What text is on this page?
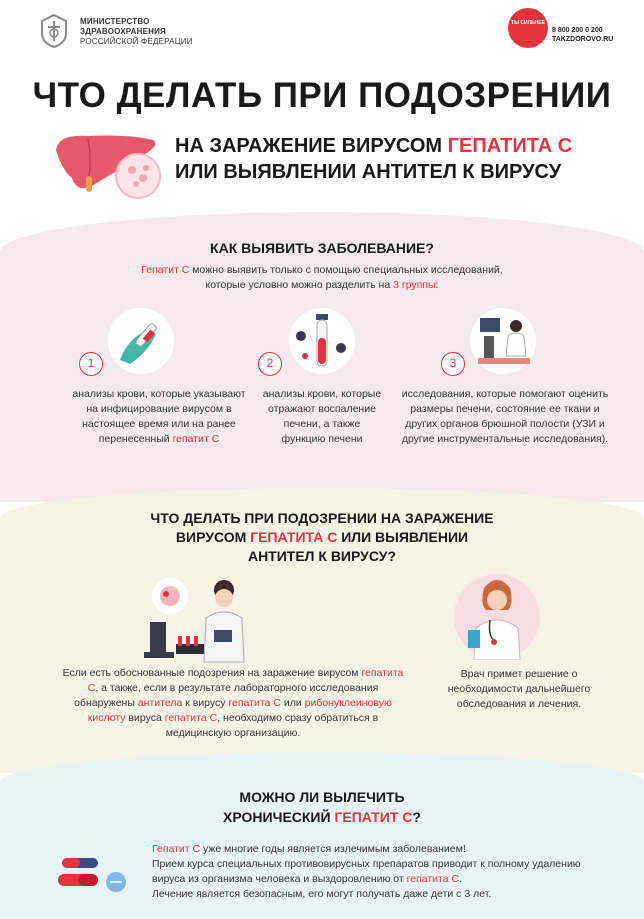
МИНИСТЕРСТВО
ЗДРАВООХРАНЕНИЯ
РОССИЙСКОЙ ФЕДЕРАЦИИ
ТЫ СИЛЬНЕЕ
8 800 200 0 200
TAKZDOROVO.RU
ЧТО ДЕЛАТЬ ПРИ ПОДОЗРЕНИИ
НА ЗАРАЖЕНИЕ ВИРУСОМ ГЕПАТИТА С
ИЛИ ВЫЯВЛЕНИИ АНТИТЕЛ К ВИРУСУ
КАК ВЫЯВИТЬ ЗАБОЛЕВАНИЕ?
Гепатит С можно выявить только с помощью специальных исследований, которые условно можно разделить на 3 группы:
1
анализы крови, которые указывают на инфицирование вирусом в настоящее время или на ранее перенесенный гепатит С
2
анализы крови, которые отражают воспаление печени, а также функцию печени
3
исследования, которые помогают оценить размеры печени, состояние ее ткани и других органов брюшной полости (УЗИ и другие инструментальные исследования).
ЧТО ДЕЛАТЬ ПРИ ПОДОЗРЕНИИ НА ЗАРАЖЕНИЕ
ВИРУСОМ ГЕПАТИТА С ИЛИ ВЫЯВЛЕНИИ
АНТИТЕЛ К ВИРУСУ?
Если есть обоснованные подозрения на заражение вирусом гепатита С, а также, если в результате лабораторного исследования обнаружены антитела к вирусу гепатита С или рибонуклеиновую кислоту вируса гепатита С, необходимо сразу обратиться в медицинскую организацию.
Врач примет решение о необходимости дальнейшего обследования и лечения.
МОЖНО ЛИ ВЫЛЕЧИТЬ
ХРОНИЧЕСКИЙ ГЕПАТИТ С?
Гепатит С уже многие годы является излечимым заболеванием!
Прием курса специальных противовирусных препаратов приводит к полному удалению вируса из организма человека и выздоровлению от гепатита С.
Лечение является безопасным, его могут получать даже дети с 3 лет.
